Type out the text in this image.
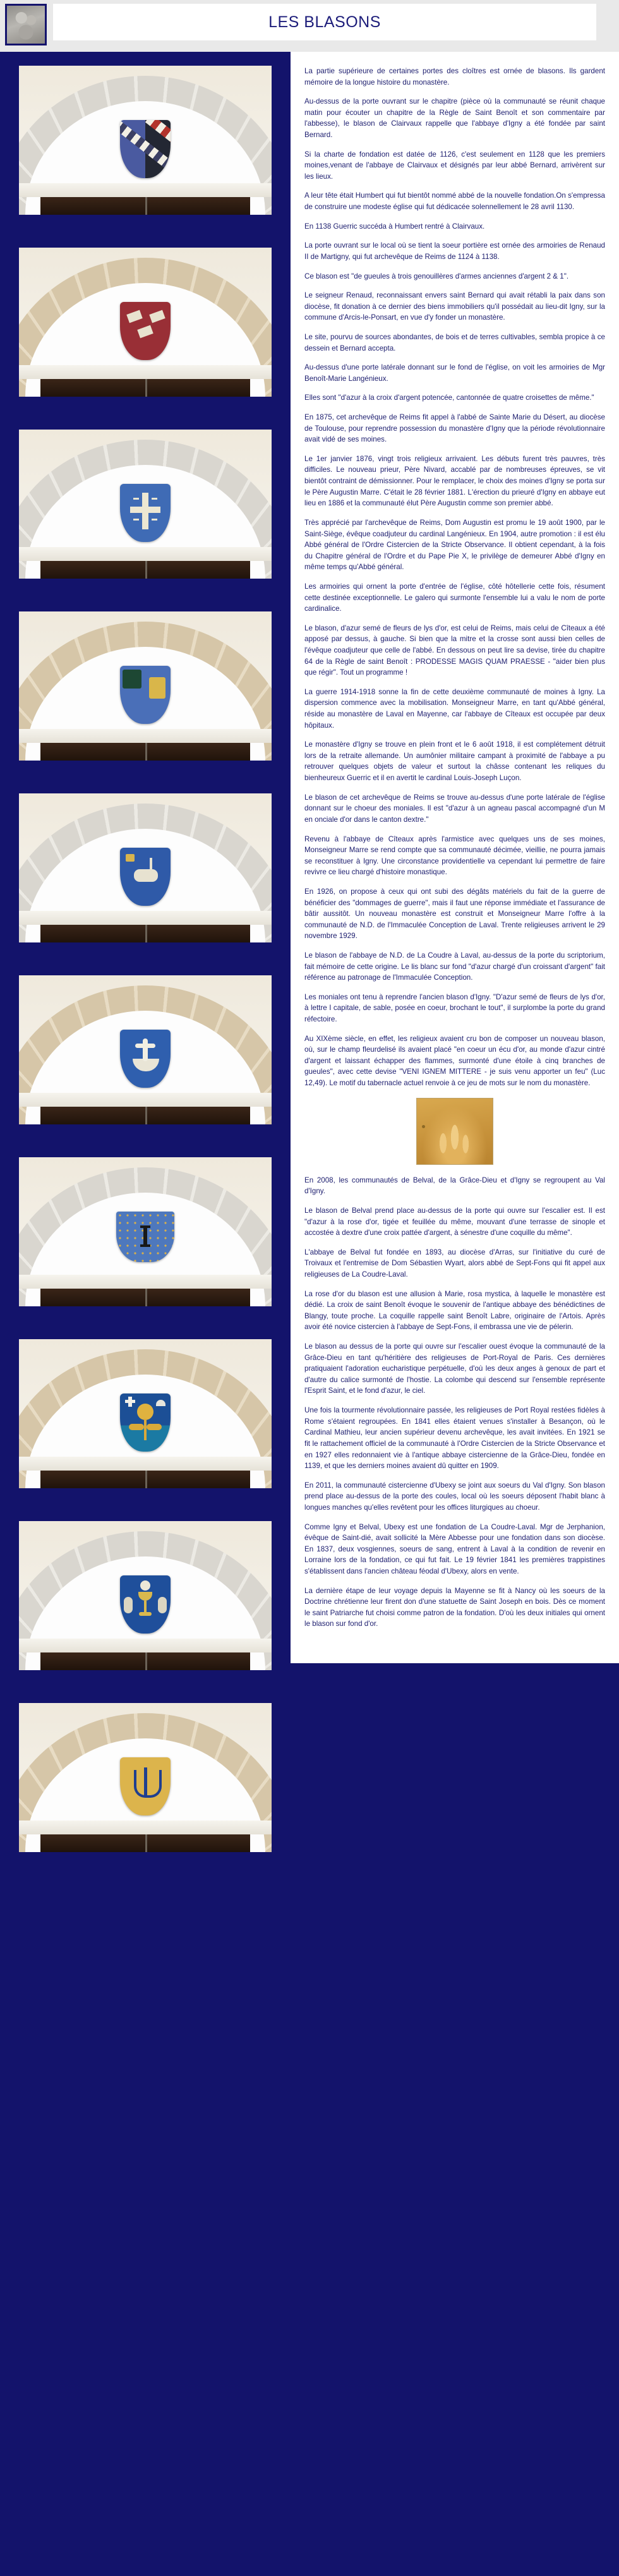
LES BLASONS

La partie supérieure de certaines portes des cloîtres est ornée de blasons. Ils gardent mémoire de la longue histoire du monastère.

Au-dessus de la porte ouvrant sur le chapitre (pièce où la communauté se réunit chaque matin pour écouter un chapitre de la Règle de Saint Benoît et son commentaire par l'abbesse), le blason de Clairvaux rappelle que l'abbaye d'Igny a été fondée par saint Bernard.

Si la charte de fondation est datée de 1126, c'est seulement en 1128 que les premiers moines,venant de l'abbaye de Clairvaux et désignés par leur abbé Bernard, arrivèrent sur les lieux.

A leur tête était Humbert qui fut bientôt nommé abbé de la nouvelle fondation.On s'empressa de construire une modeste église qui fut dédicacée solennellement le 28 avril 1130.

En 1138 Guerric succéda à Humbert rentré à Clairvaux.

La porte ouvrant sur le local où se tient la soeur portière est ornée des armoiries de Renaud II de Martigny, qui fut archevêque de Reims de 1124 à 1138.

Ce blason est "de gueules à trois genouillères d'armes anciennes d'argent 2 & 1".

Le seigneur Renaud, reconnaissant envers saint Bernard qui avait rétabli la paix dans son diocèse, fit donation à ce dernier des biens immobiliers qu'il possédait au lieu-dit Igny, sur la commune d'Arcis-le-Ponsart, en vue d'y fonder un monastère.

Le site, pourvu de sources abondantes, de bois et de terres cultivables, sembla propice à ce dessein et Bernard accepta.

Au-dessus d'une porte latérale donnant sur le fond de l'église, on voit les armoiries de Mgr Benoît-Marie Langénieux.

Elles sont "d'azur à la croix d'argent potencée, cantonnée de quatre croisettes de même."

En 1875, cet archevêque de Reims fit appel à l'abbé de Sainte Marie du Désert, au diocèse de Toulouse, pour reprendre possession du monastère d'Igny que la période révolutionnaire avait vidé de ses moines.

Le 1er janvier 1876, vingt trois religieux arrivaient. Les débuts furent très pauvres, très difficiles. Le nouveau prieur, Père Nivard, accablé par de nombreuses épreuves, se vit bientôt contraint de démissionner. Pour le remplacer, le choix des moines d'Igny se porta sur le Père Augustin Marre. C'était le 28 février 1881. L'érection du prieuré d'Igny en abbaye eut lieu en 1886 et la communauté élut Père Augustin comme son premier abbé.

Très apprécié par l'archevêque de Reims, Dom Augustin est promu le 19 août 1900, par le Saint-Siège, évêque coadjuteur du cardinal Langénieux. En 1904, autre promotion : il est élu Abbé général de l'Ordre Cistercien de la Stricte Observance. Il obtient cependant, à la fois du Chapitre général de l'Ordre et du Pape Pie X, le privilège de demeurer Abbé d'Igny en même temps qu'Abbé général.

Les armoiries qui ornent la porte d'entrée de l'église, côté hôtellerie cette fois, résument cette destinée exceptionnelle. Le galero qui surmonte l'ensemble lui a valu le nom de porte cardinalice.

Le blason, d'azur semé de fleurs de lys d'or, est celui de Reims, mais celui de Cîteaux a été apposé par dessus, à gauche. Si bien que la mitre et la crosse sont aussi bien celles de l'évêque coadjuteur que celle de l'abbé. En dessous on peut lire sa devise, tirée du chapitre 64 de la Règle de saint Benoît : PRODESSE MAGIS QUAM PRAESSE - "aider bien plus que régir". Tout un programme !

La guerre 1914-1918 sonne la fin de cette deuxième communauté de moines à Igny. La dispersion commence avec la mobilisation. Monseigneur Marre, en tant qu'Abbé général, réside au monastère de Laval en Mayenne, car l'abbaye de Cîteaux est occupée par deux hôpitaux.

Le monastère d'Igny se trouve en plein front et le 6 août 1918, il est complétement détruit lors de la retraite allemande. Un aumônier militaire campant à proximité de l'abbaye a pu retrouver quelques objets de valeur et surtout la châsse contenant les reliques du bienheureux Guerric et il en avertit le cardinal Louis-Joseph Luçon.

Le blason de cet archevêque de Reims se trouve au-dessus d'une porte latérale de l'église donnant sur le choeur des moniales. Il est "d'azur à un agneau pascal accompagné d'un M en onciale d'or dans le canton dextre."

Revenu à l'abbaye de Cîteaux après l'armistice avec quelques uns de ses moines, Monseigneur Marre se rend compte que sa communauté décimée, vieillie, ne pourra jamais se reconstituer à Igny. Une circonstance providentielle va cependant lui permettre de faire revivre ce lieu chargé d'histoire monastique.

En 1926, on propose à ceux qui ont subi des dégâts matériels du fait de la guerre de bénéficier des "dommages de guerre", mais il faut une réponse immédiate et l'assurance de bâtir aussitôt. Un nouveau monastère est construit et Monseigneur Marre l'offre à la communauté de N.D. de l'Immaculée Conception de Laval. Trente religieuses arrivent le 29 novembre 1929.

Le blason de l'abbaye de N.D. de La Coudre à Laval, au-dessus de la porte du scriptorium, fait mémoire de cette origine. Le lis blanc sur fond "d'azur chargé d'un croissant d'argent" fait référence au patronage de l'Immaculée Conception.

Les moniales ont tenu à reprendre l'ancien blason d'Igny. "D'azur semé de fleurs de lys d'or, à lettre I capitale, de sable, posée en coeur, brochant le tout", il surplombe la porte du grand réfectoire.

Au XIXème siècle, en effet, les religieux avaient cru bon de composer un nouveau blason, où, sur le champ fleurdelisé ils avaient placé "en coeur un écu d'or, au monde d'azur cintré d'argent et laissant échapper des flammes, surmonté d'une étoile à cinq branches de gueules", avec cette devise "VENI IGNEM MITTERE - je suis venu apporter un feu" (Luc 12,49). Le motif du tabernacle actuel renvoie à ce jeu de mots sur le nom du monastère.

En 2008, les communautés de Belval, de la Grâce-Dieu et d'Igny se regroupent au Val d'Igny.

Le blason de Belval prend place au-dessus de la porte qui ouvre sur l'escalier est. Il est "d'azur à la rose d'or, tigée et feuillée du même, mouvant d'une terrasse de sinople et accostée à dextre d'une croix pattée d'argent, à sénestre d'une coquille du même".

L'abbaye de Belval fut fondée en 1893, au diocèse d'Arras, sur l'initiative du curé de Troivaux et l'entremise de Dom Sébastien Wyart, alors abbé de Sept-Fons qui fit appel aux religieuses de La Coudre-Laval.

La rose d'or du blason est une allusion à Marie, rosa mystica, à laquelle le monastère est dédié. La croix de saint Benoît évoque le souvenir de l'antique abbaye des bénédictines de Blangy, toute proche. La coquille rappelle saint Benoît Labre, originaire de l'Artois. Après avoir été novice cistercien à l'abbaye de Sept-Fons, il embrassa une vie de pélerin.

Le blason au dessus de la porte qui ouvre sur l'escalier ouest évoque la communauté de la Grâce-Dieu en tant qu'héritière des religieuses de Port-Royal de Paris. Ces dernières pratiquaient l'adoration eucharistique perpétuelle, d'où les deux anges à genoux de part et d'autre du calice surmonté de l'hostie. La colombe qui descend sur l'ensemble représente l'Esprit Saint, et le fond d'azur, le ciel.

Une fois la tourmente révolutionnaire passée, les religieuses de Port Royal restées fidèles à Rome s'étaient regroupées. En 1841 elles étaient venues s'installer à Besançon, où le Cardinal Mathieu, leur ancien supérieur devenu archevêque, les avait invitées. En 1921 se fit le rattachement officiel de la communauté à l'Ordre Cistercien de la Stricte Observance et en 1927 elles redonnaient vie à l'antique abbaye cistercienne de la Grâce-Dieu, fondée en 1139, et que les derniers moines avaient dû quitter en 1909.

En 2011, la communauté cistercienne d'Ubexy se joint aux soeurs du Val d'Igny. Son blason prend place au-dessus de la porte des coules, local où les soeurs déposent l'habit blanc à longues manches qu'elles revêtent pour les offices liturgiques au choeur.

Comme Igny et Belval, Ubexy est une fondation de La Coudre-Laval. Mgr de Jerphanion, évêque de Saint-dié, avait sollicité la Mère Abbesse pour une fondation dans son diocèse. En 1837, deux vosgiennes, soeurs de sang, entrent à Laval à la condition de revenir en Lorraine lors de la fondation, ce qui fut fait. Le 19 février 1841 les premières trappistines s'établissent dans l'ancien château féodal d'Ubexy, alors en vente.

La dernière étape de leur voyage depuis la Mayenne se fit à Nancy où les soeurs de la Doctrine chrétienne leur firent don d'une statuette de Saint Joseph en bois. Dès ce moment le saint Patriarche fut choisi comme patron de la fondation. D'où les deux initiales qui ornent le blason sur fond d'or.
